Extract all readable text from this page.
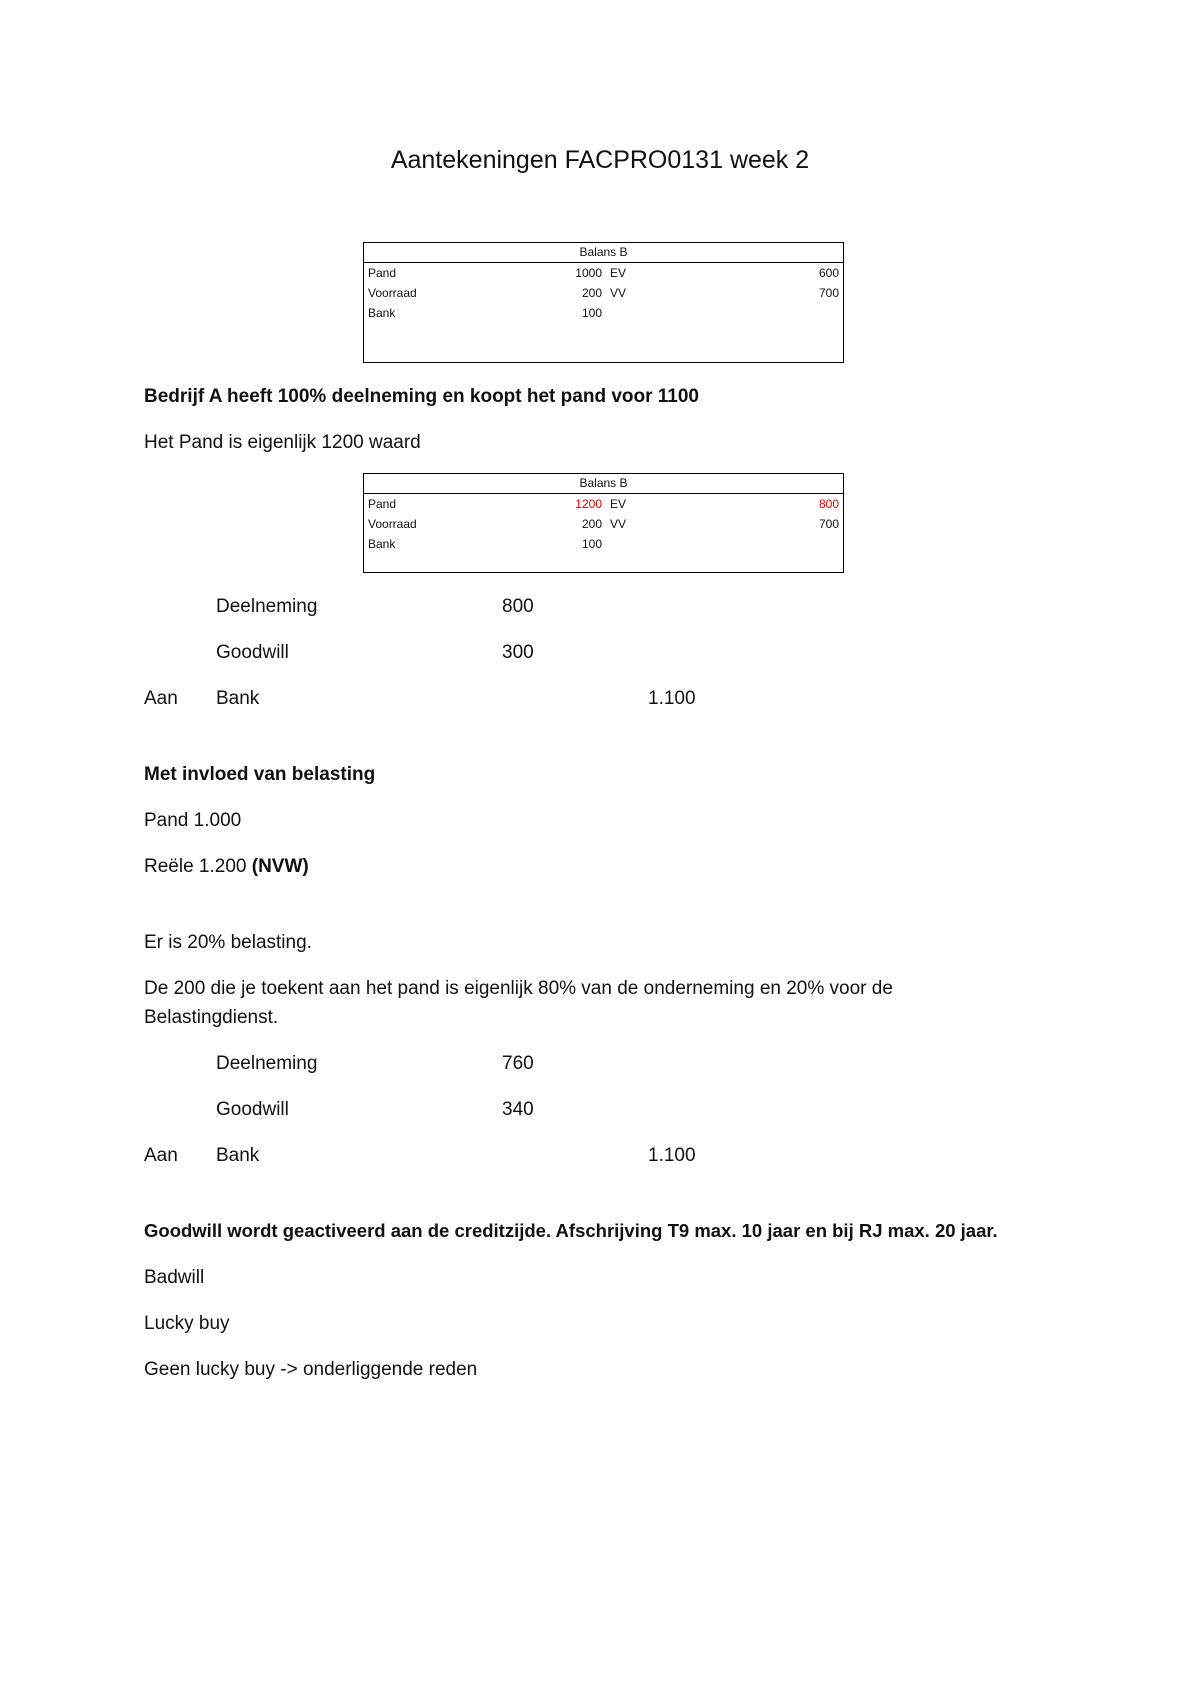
Aantekeningen FACPRO0131 week 2
Balans B
Pand	1000 EV	600
Voorraad	200 VV	700
Bank	100
Bedrijf A heeft 100% deelneming en koopt het pand voor 1100
Het Pand is eigenlijk 1200 waard
Balans B
Pand	1200 EV	800
Voorraad	200 VV	700
Bank	100
Deelneming	800
Goodwill	300
Aan Bank	1.100
Met invloed van belasting
Pand 1.000
Reële 1.200 (NVW)
Er is 20% belasting.
De 200 die je toekent aan het pand is eigenlijk 80% van de onderneming en 20% voor de
Belastingdienst.
Deelneming	760
Goodwill	340
Aan Bank	1.100
Goodwill wordt geactiveerd aan de creditzijde. Afschrijving T9 max. 10 jaar en bij RJ max. 20 jaar.
Badwill
Lucky buy
Geen lucky buy -> onderliggende reden
